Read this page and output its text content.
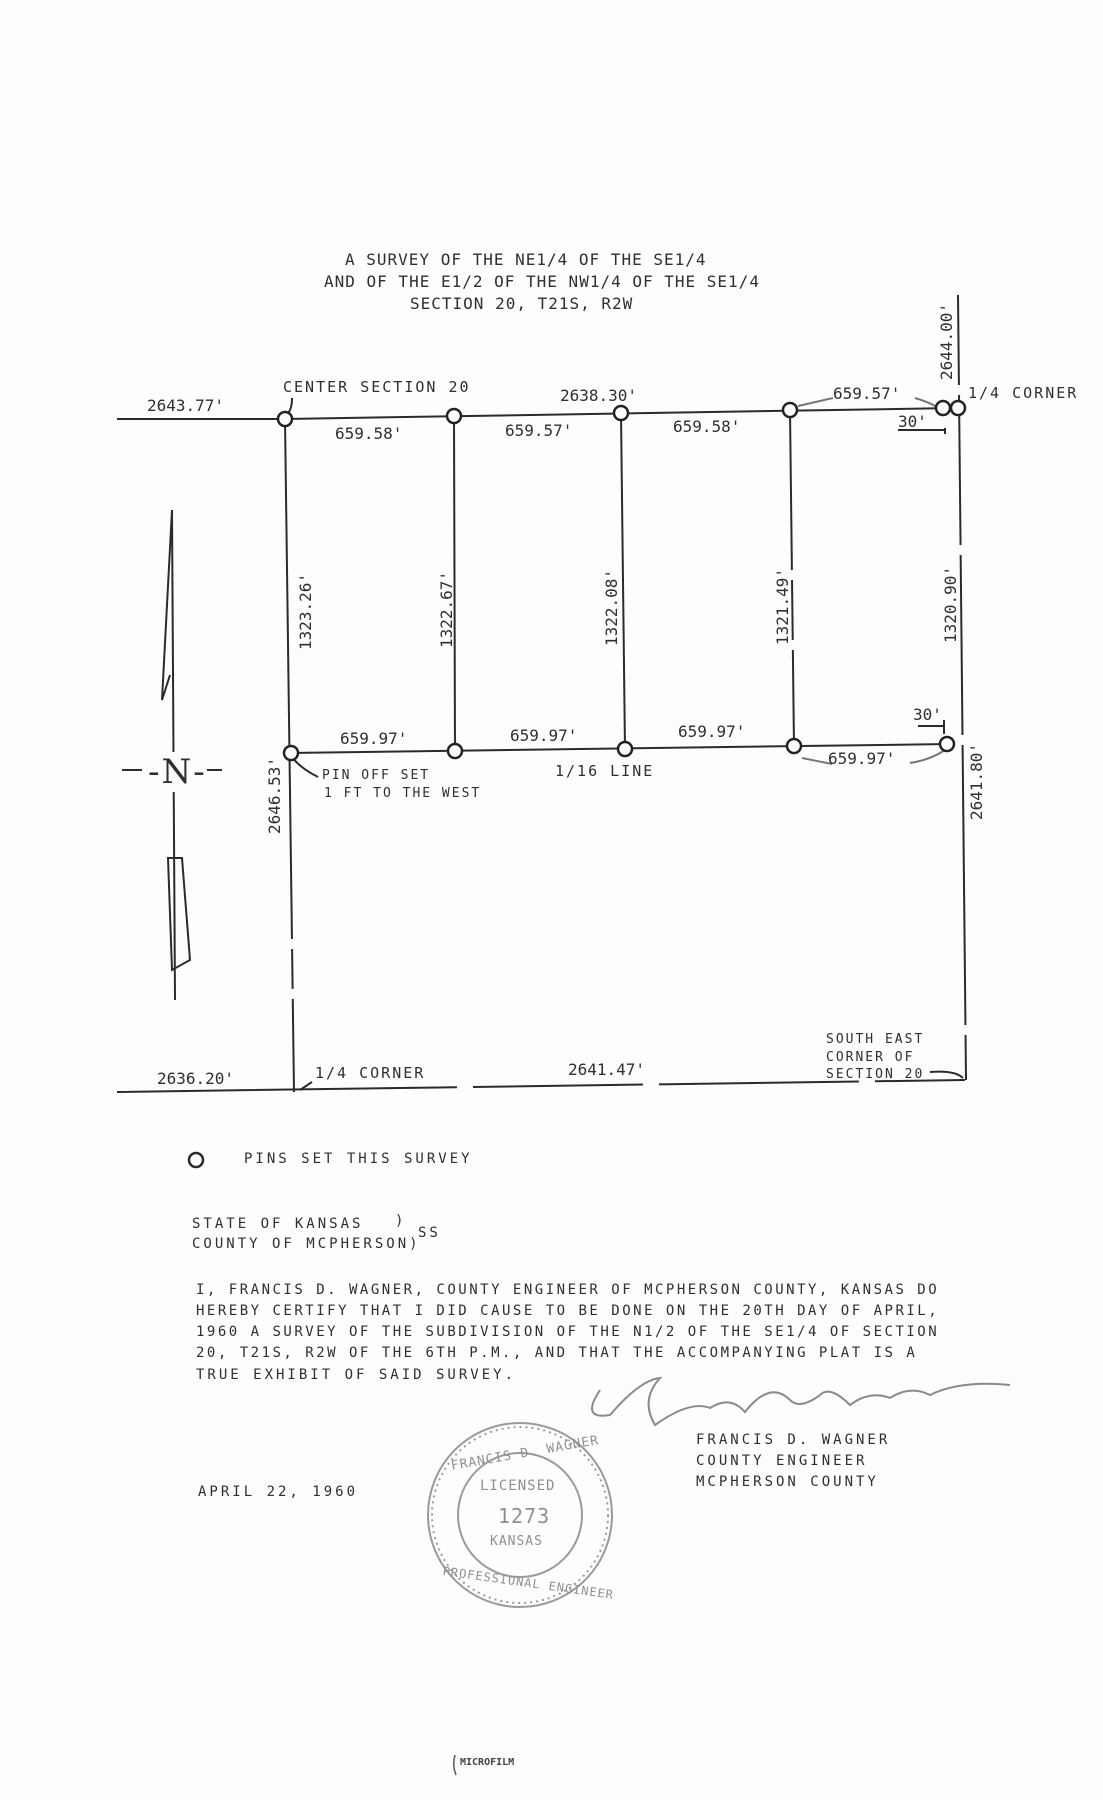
A SURVEY OF THE NE1/4 OF THE SE1/4
AND OF THE E1/2 OF THE NW1/4 OF THE SE1/4
SECTION 20, T21S, R2W
CENTER SECTION 20	1/4 CORNER
PIN OFF SET
1 FT TO THE WEST
1/16 LINE
SOUTH EAST
CORNER OF
SECTION 20
1/4 CORNER
-N-
2643.77'
2638.30'
659.58'	659.57'	659.58'
659.57'
30'
659.97'	659.97'	659.97'
659.97'
30'
2636.20'	2641.47'
1323.26'	1322.67'	1322.08'	1321.49'	1320.90'
2644.00'
2641.80'
2646.53'
PINS SET THIS SURVEY
STATE OF KANSAS )
SS
COUNTY OF MCPHERSON)
I, FRANCIS D. WAGNER, COUNTY ENGINEER OF MCPHERSON COUNTY, KANSAS DO
HEREBY CERTIFY THAT I DID CAUSE TO BE DONE ON THE 20TH DAY OF APRIL,
1960 A SURVEY OF THE SUBDIVISION OF THE N1/2 OF THE SE1/4 OF SECTION
20, T21S, R2W OF THE 6TH P.M., AND THAT THE ACCOMPANYING PLAT IS A
TRUE EXHIBIT OF SAID SURVEY.
FRANCIS D. WAGNER
COUNTY ENGINEER
MCPHERSON COUNTY
APRIL 22, 1960
FRANCIS D. WAGNER
LICENSED
1273
KANSAS
PROFESSIONAL ENGINEER
MICROFILM
